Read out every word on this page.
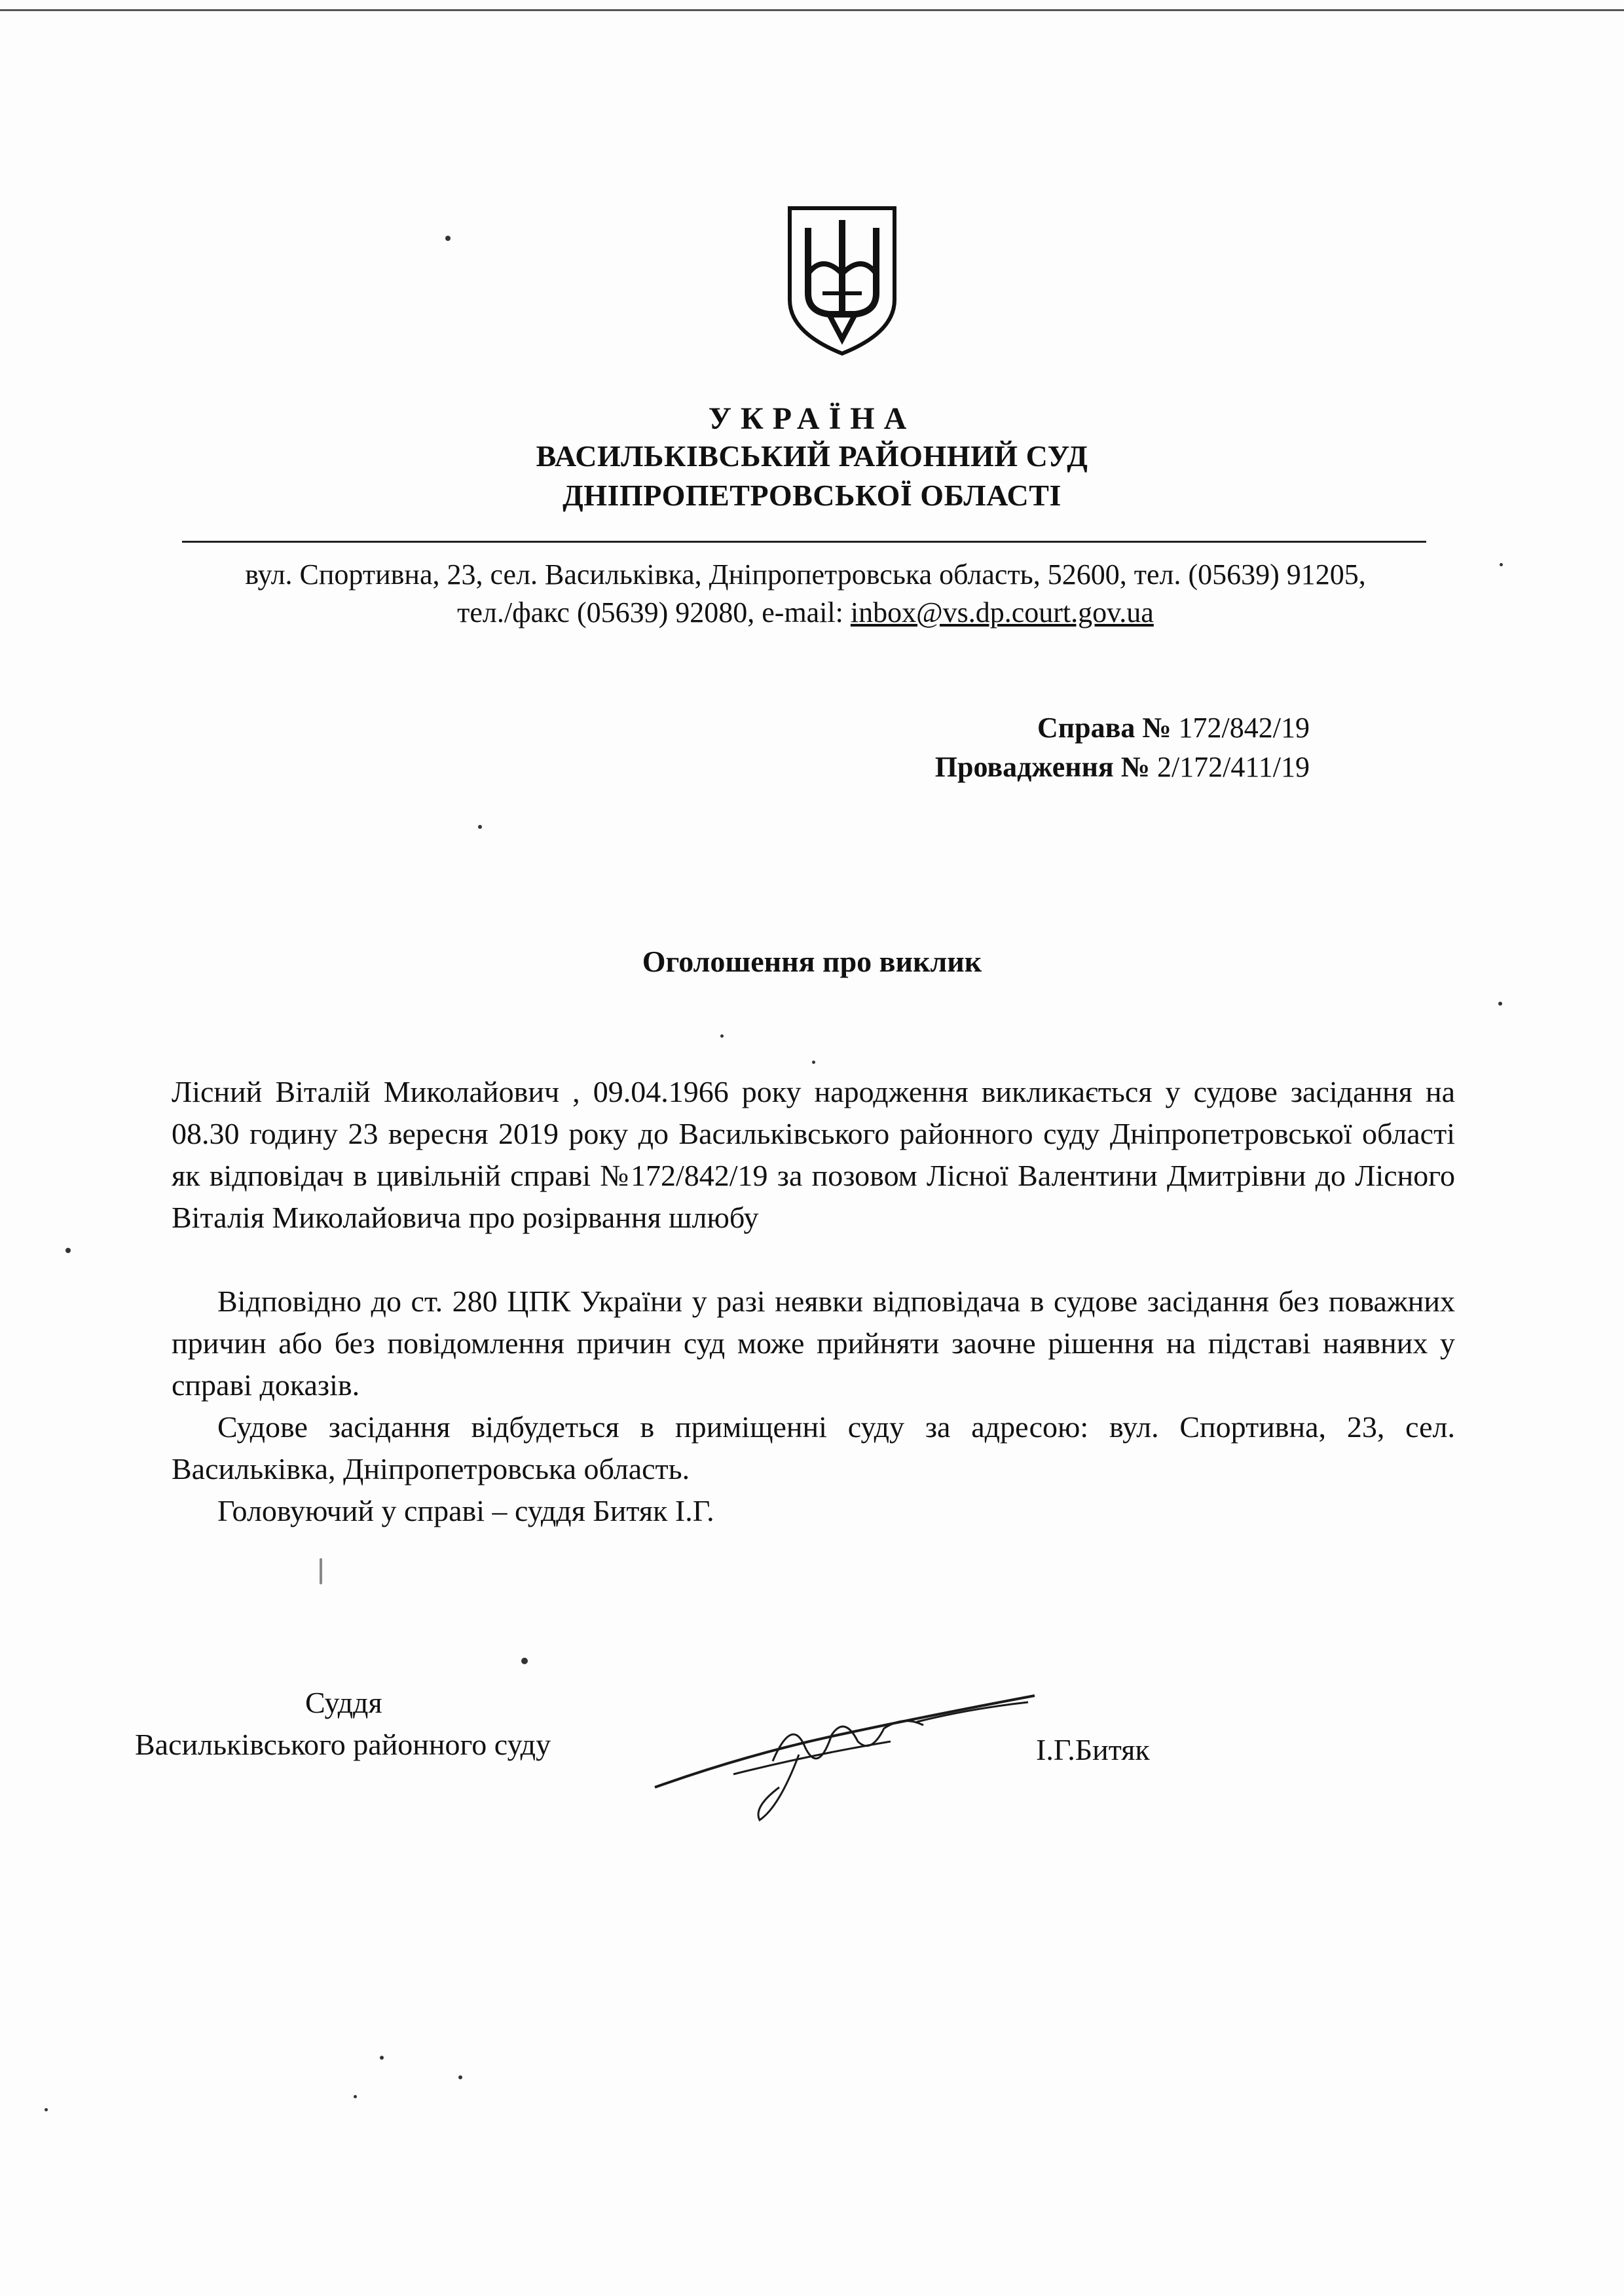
УКРАЇНА
ВАСИЛЬКІВСЬКИЙ РАЙОННИЙ СУД
ДНІПРОПЕТРОВСЬКОЇ ОБЛАСТІ
вул. Спортивна, 23, сел. Васильківка, Дніпропетровська область, 52600, тел. (05639) 91205,
тел./факс (05639) 92080, e-mail: inbox@vs.dp.court.gov.ua
Справа № 172/842/19
Провадження № 2/172/411/19
Оголошення про виклик
Лісний Віталій Миколайович , 09.04.1966 року народження викликається у судове засідання на 08.30 годину 23 вересня 2019 року до Васильківського районного суду Дніпропетровської області як відповідач в цивільній справі №172/842/19 за позовом Лісної Валентини Дмитрівни до Лісного Віталія Миколайовича про розірвання шлюбу
Відповідно до ст. 280 ЦПК України у разі неявки відповідача в судове засідання без поважних причин або без повідомлення причин суд може прийняти заочне рішення на підставі наявних у справі доказів.
Судове засідання відбудеться в приміщенні суду за адресою: вул. Спортивна, 23, сел. Васильківка, Дніпропетровська область.
Головуючий у справі – суддя Битяк І.Г.
Суддя
Васильківського районного суду	І.Г.Битяк
